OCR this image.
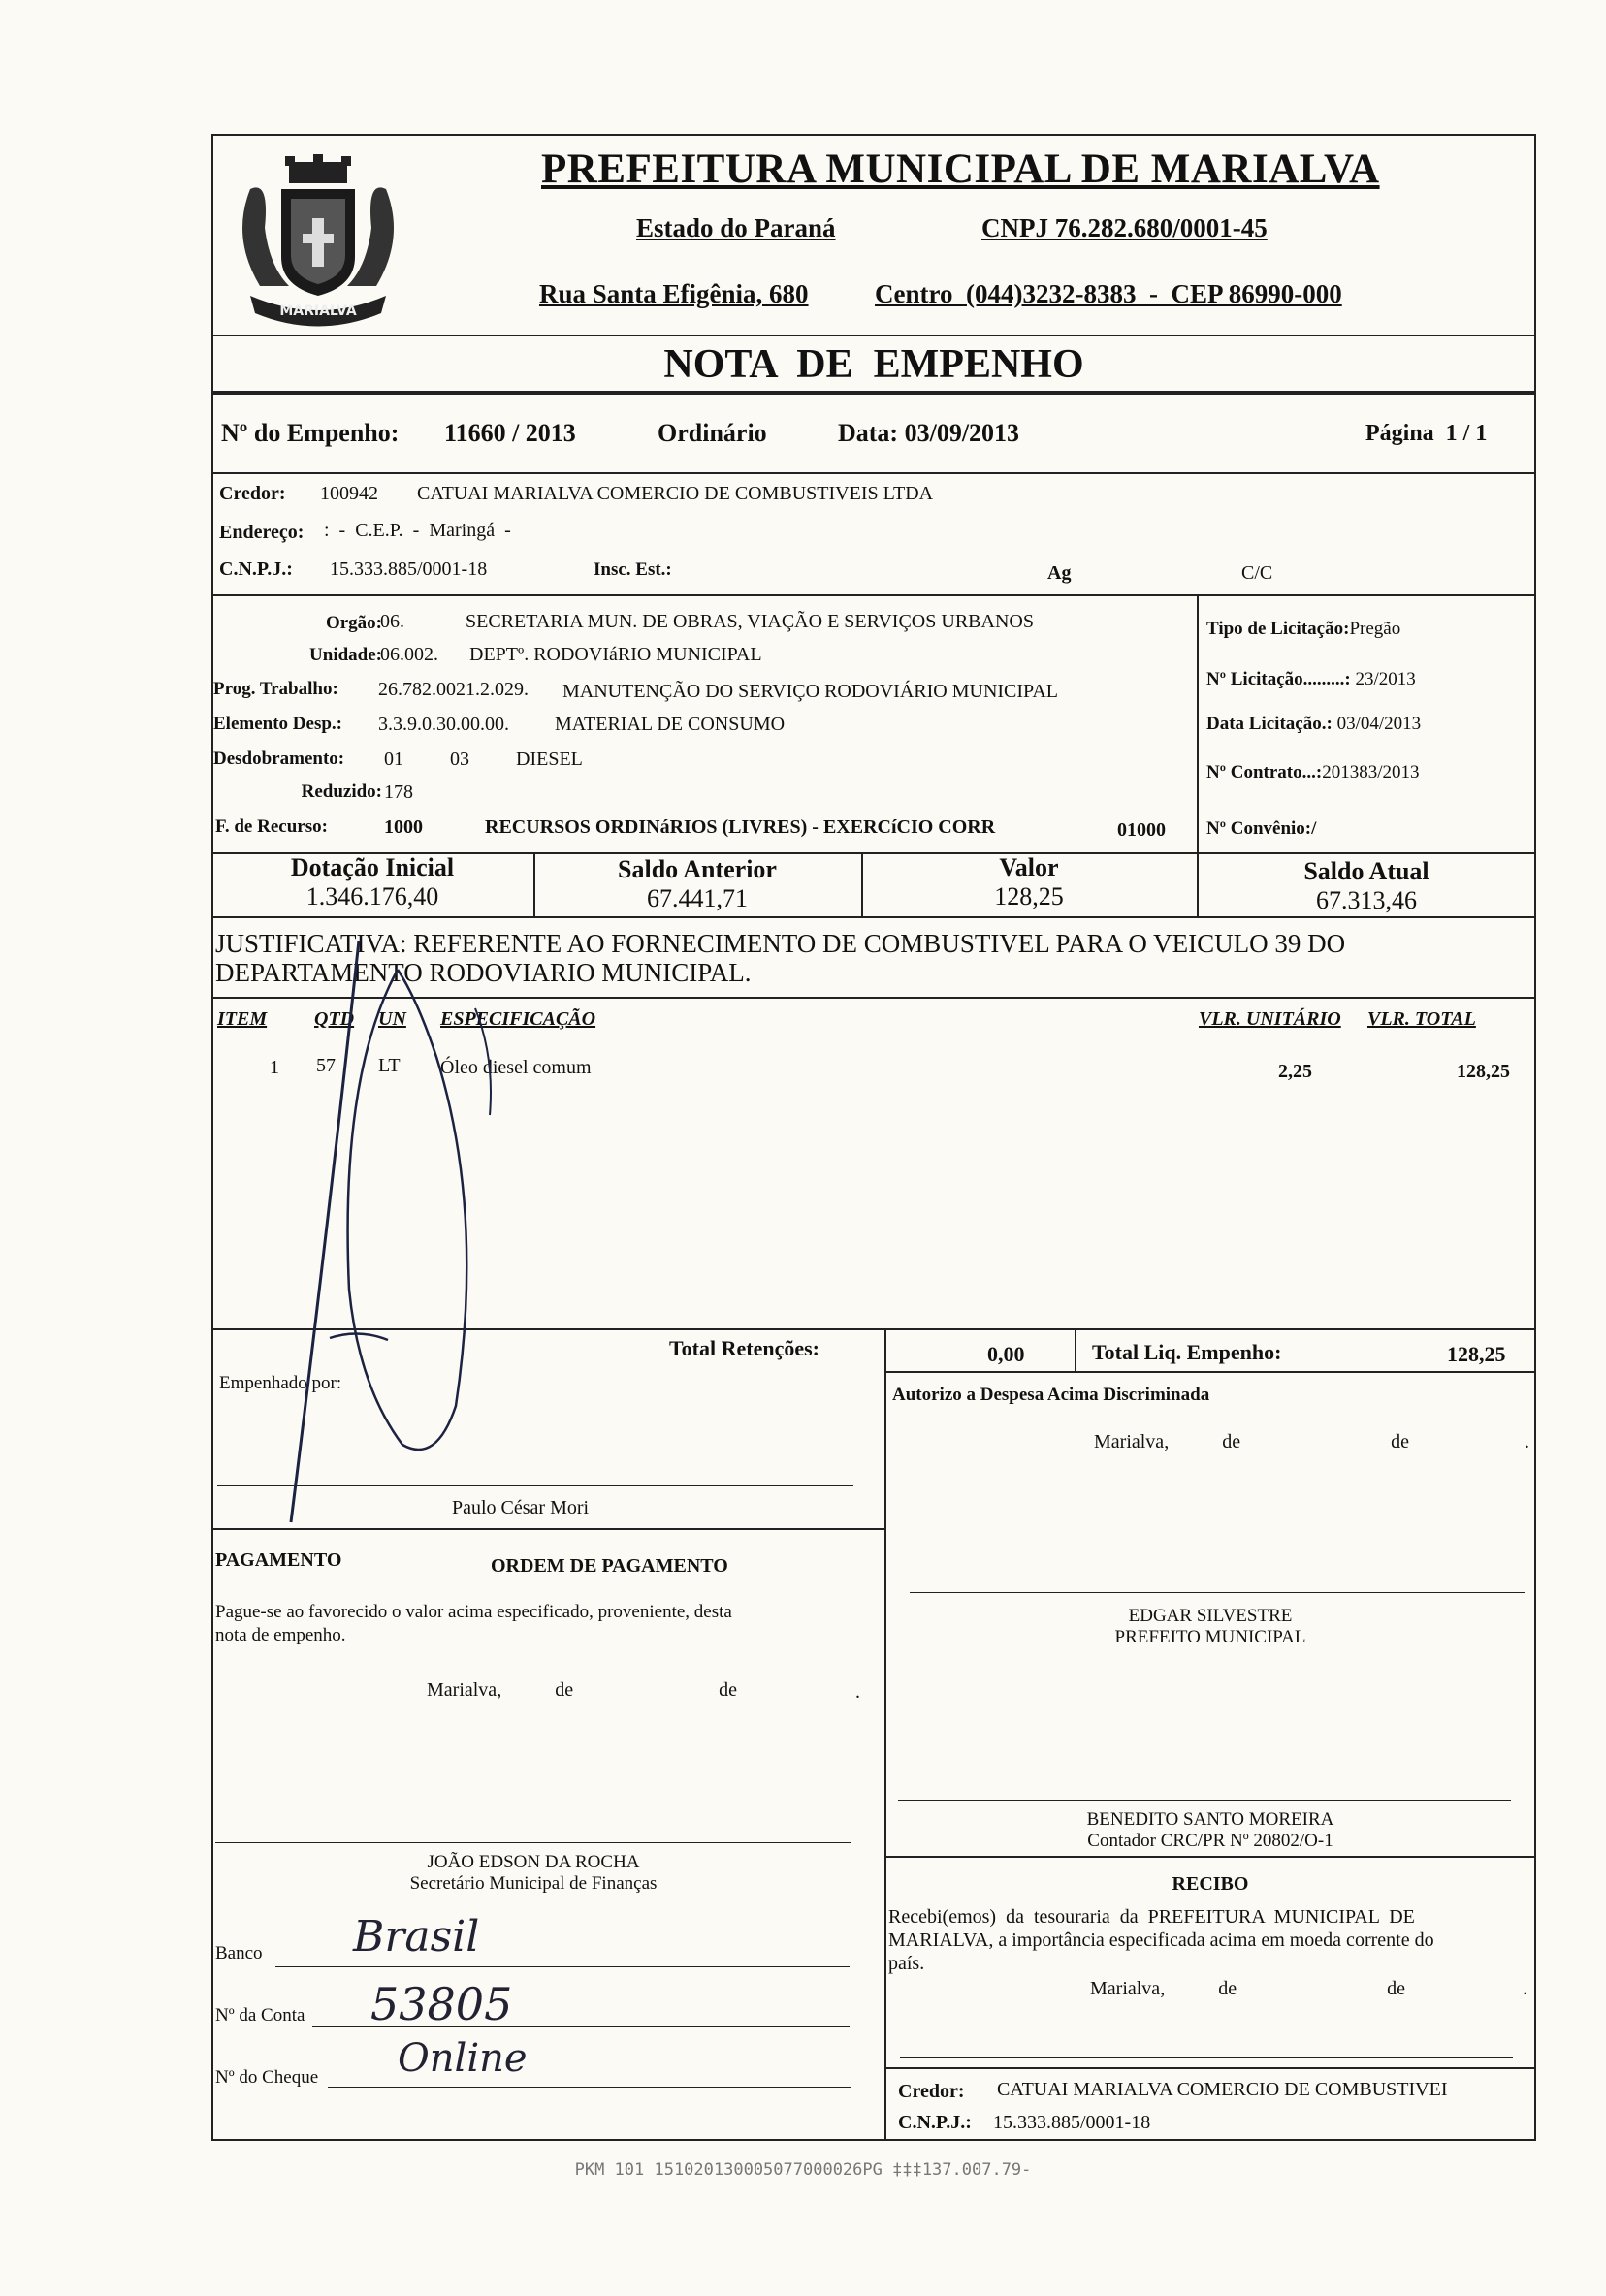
MARIALVA
PREFEITURA MUNICIPAL DE MARIALVA
Estado do Paraná	CNPJ 76.282.680/0001-45
Rua Santa Efigênia, 680	Centro  (044)3232-8383  -  CEP 86990-000
NOTA  DE  EMPENHO
Nº do Empenho: 11660 / 2013	Ordinário	Data: 03/09/2013	Página  1 / 1
Credor: 100942 CATUAI MARIALVA COMERCIO DE COMBUSTIVEIS LTDA
Endereço: :  -  C.E.P.  -  Maringá  -
C.N.P.J.: 15.333.885/0001-18	Insc. Est.:	Ag	C/C
Orgão:
06.	SECRETARIA MUN. DE OBRAS, VIAÇÃO E SERVIÇOS URBANOS
Unidade:
06.002. DEPTº. RODOVIáRIO MUNICIPAL
Prog. Trabalho: 26.782.0021.2.029. MANUTENÇÃO DO SERVIÇO RODOVIÁRIO MUNICIPAL
Elemento Desp.: 3.3.9.0.30.00.00. MATERIAL DE CONSUMO
Desdobramento: 01 03 DIESEL
Reduzido: 178
F. de Recurso:	1000	RECURSOS ORDINáRIOS (LIVRES) - EXERCíCIO CORR	01000
Tipo de Licitação:Pregão
Nº Licitação.........: 23/2013
Data Licitação.: 03/04/2013
Nº Contrato...:201383/2013
Nº Convênio:/
Dotação Inicial
1.346.176,40
Saldo Anterior
67.441,71
Valor
128,25
Saldo Atual
67.313,46
JUSTIFICATIVA: REFERENTE AO FORNECIMENTO DE COMBUSTIVEL PARA O VEICULO 39 DO
DEPARTAMENTO RODOVIARIO MUNICIPAL.
ITEM QTD UN ESPECIFICAÇÃO	VLR. UNITÁRIO VLR. TOTAL
1 57 LT Óleo diesel comum	2,25	128,25
Total Retenções:	0,00	Total Liq. Empenho:	128,25
Empenhado por:
Autorizo a Despesa Acima Discriminada
Marialva,           de                               de	.
Paulo César Mori
PAGAMENTO	ORDEM DE PAGAMENTO
Pague-se ao favorecido o valor acima especificado, proveniente, desta
nota de empenho.
Marialva,           de                              de	.
EDGAR SILVESTRE
PREFEITO MUNICIPAL
BENEDITO SANTO MOREIRA
Contador CRC/PR Nº 20802/O-1
JOÃO EDSON DA ROCHA
Secretário Municipal de Finanças	RECIBO
Recebi(emos)  da  tesouraria  da  PREFEITURA  MUNICIPAL  DE
MARIALVA, a importância especificada acima em moeda corrente do
país.
Marialva,           de                               de	.
Credor: CATUAI MARIALVA COMERCIO DE COMBUSTIVEI
C.N.P.J.: 15.333.885/0001-18
Banco Brasil
Nº da Conta 53805
Nº do Cheque Online
PKM 101 151020130005077000026PG ‡‡‡137.007.79-
